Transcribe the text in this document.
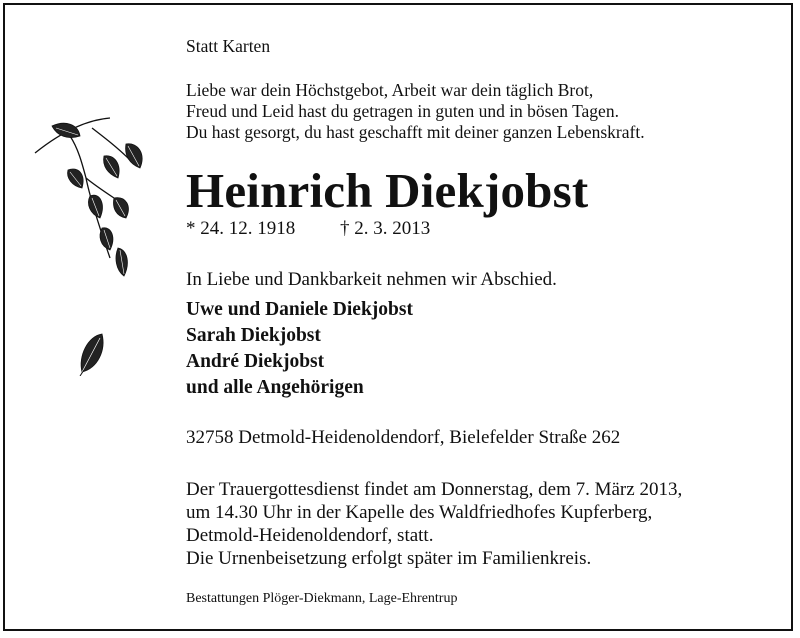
Statt Karten
Liebe war dein Höchstgebot, Arbeit war dein täglich Brot,
Freud und Leid hast du getragen in guten und in bösen Tagen.
Du hast gesorgt, du hast geschafft mit deiner ganzen Lebenskraft.
Heinrich Diekjobst
* 24. 12. 1918 † 2. 3. 2013
In Liebe und Dankbarkeit nehmen wir Abschied.
Uwe und Daniele Diekjobst
Sarah Diekjobst
André Diekjobst
und alle Angehörigen
32758 Detmold-Heidenoldendorf, Bielefelder Straße 262
Der Trauergottesdienst findet am Donnerstag, dem 7. März 2013,
um 14.30 Uhr in der Kapelle des Waldfriedhofes Kupferberg,
Detmold-Heidenoldendorf, statt.
Die Urnenbeisetzung erfolgt später im Familienkreis.
Bestattungen Plöger-Diekmann, Lage-Ehrentrup
